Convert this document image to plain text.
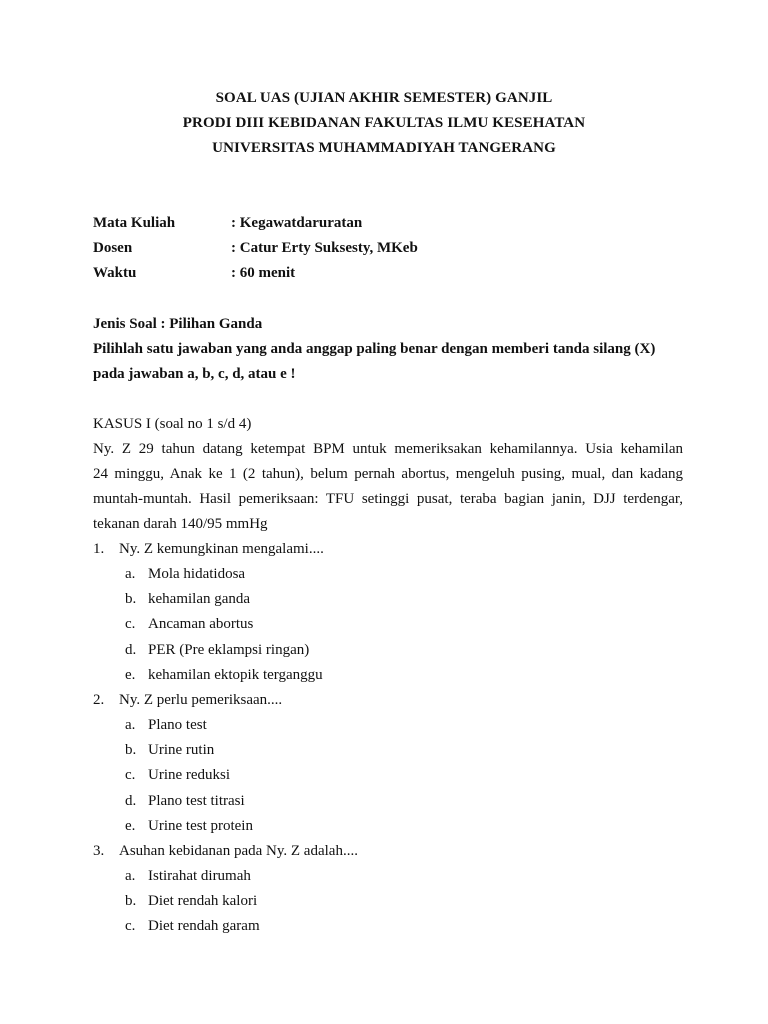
SOAL UAS (UJIAN AKHIR SEMESTER) GANJIL
PRODI DIII KEBIDANAN FAKULTAS ILMU KESEHATAN
UNIVERSITAS MUHAMMADIYAH TANGERANG
Mata Kuliah	: Kegawatdaruratan
Dosen	: Catur Erty Suksesty, MKeb
Waktu	: 60 menit
Jenis Soal : Pilihan Ganda
Pilihlah satu jawaban yang anda anggap paling benar dengan memberi tanda silang (X)
pada jawaban a, b, c, d, atau e !
KASUS I (soal no 1 s/d 4)
Ny. Z 29 tahun datang ketempat BPM untuk memeriksakan kehamilannya. Usia kehamilan
24 minggu, Anak ke 1 (2 tahun), belum pernah abortus, mengeluh pusing, mual, dan kadang
muntah-muntah. Hasil pemeriksaan: TFU setinggi pusat, teraba bagian janin, DJJ terdengar,
tekanan darah 140/95 mmHg
1. Ny. Z kemungkinan mengalami....
a. Mola hidatidosa
b. kehamilan ganda
c. Ancaman abortus
d. PER (Pre eklampsi ringan)
e. kehamilan ektopik terganggu
2. Ny. Z perlu pemeriksaan....
a. Plano test
b. Urine rutin
c. Urine reduksi
d. Plano test titrasi
e. Urine test protein
3. Asuhan kebidanan pada Ny. Z adalah....
a. Istirahat dirumah
b. Diet rendah kalori
c. Diet rendah garam
